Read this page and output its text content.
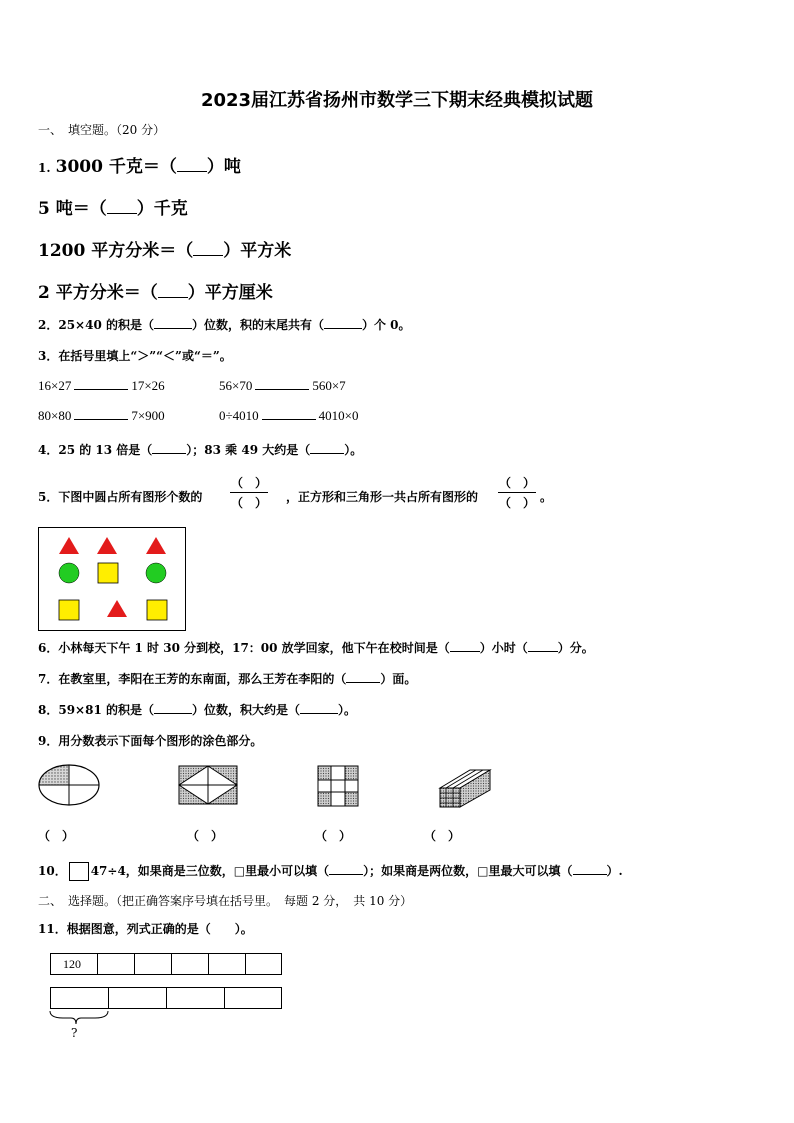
2023届江苏省扬州市数学三下期末经典模拟试题
一、　填空题。（20 分）
1. 3000 千克＝（ ）吨
5 吨＝（ ）千克
1200 平方分米＝（ ）平方米
2 平方分米＝（ ）平方厘米
2．25×40 的积是（	）位数，积的末尾共有（	）个 0。
3．在括号里填上“＞”“＜”或“＝”。
16×27	17×26	56×70	560×7
80×80	7×900	0÷4010	4010×0
4．25 的 13 倍是（	）；83 乘 49 大约是（	）。
5．下图中圆占所有图形个数的
（　）
（　） ，正方形和三角形一共占所有图形的
（　）
（　） 。
6．小林每天下午 1 时 30 分到校，17：00 放学回家，他下午在校时间是（	）小时（	）分。
7．在教室里，李阳在王芳的东南面，那么王芳在李阳的（	）面。
8．59×81 的积是（	）位数，积大约是（	）。
9．用分数表示下面每个图形的涂色部分。
（　）	（　）	（　）	（　）
10． 47÷4，如果商是三位数，□里最小可以填（	）；如果商是两位数，□里最大可以填（	）.
二、　选择题。（把正确答案序号填在括号里。　每题 2 分，　共 10 分）
11．根据图意，列式正确的是（　　）。
120
?
